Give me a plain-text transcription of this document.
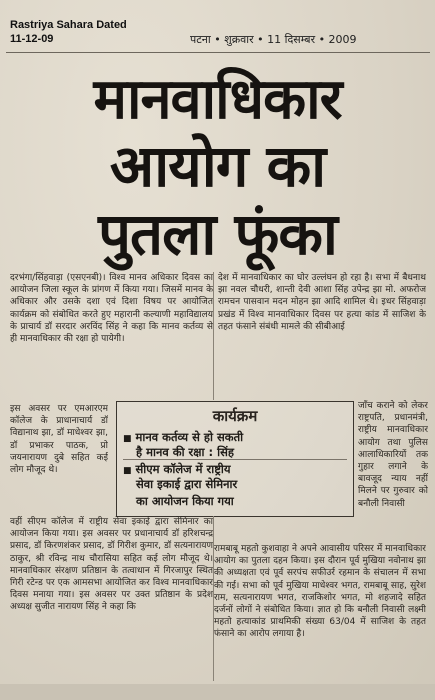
Rastriya Sahara Dated
11-12-09	पटना • शुक्रवार • 11 दिसम्बर • 2009
मानवाधिकार
आयोग का
पुतला फूंका
दरभंगा/सिंहवाड़ा (एसएनबी)। विश्व मानव अधिकार दिवस का आयोजन जिला स्कूल के प्रांगण में किया गया। जिसमें मानव के अधिकार और उसके दशा एवं दिशा विषय पर आयोजित कार्यक्रम को संबोधित करते हुए महारानी कल्याणी महाविद्यालय के प्राचार्य डॉ सरदार अरविंद सिंह ने कहा कि मानव कर्तव्य से ही मानवाधिकार की रक्षा हो पायेगी।
देश में मानवाधिकार का घोर उल्लंघन हो रहा है। सभा में बैधनाथ झा नवल चौधरी, शान्ती देवी आशा सिंह उपेन्द्र झा मो. अफरोज रामचन पासवान मदन मोहन झा आदि शामिल थे। इधर सिंहवाड़ा प्रखंड में विश्व मानवाधिकार दिवस पर हत्या कांड में साजिश के तहत फंसाने संबंधी मामले की सीबीआई
इस अवसर पर एमआरएम कॉलेज के प्राधानाचार्य डॉ विद्यानाथ झा, डॉ माधेश्वर झा, डॉ प्रभाकर पाठक, प्रो जयनारायण दुबे सहित कई लोग मौजूद थे।
जाँच कराने को लेकर राष्ट्रपति, प्रधानमंत्री, राष्ट्रीय मानवाधिकार आयोग तथा पुलिस आलाधिकारियों तक गुहार लगाने के बावजूद न्याय नहीं मिलने पर गुरुवार को बनौली निवासी
कार्यक्रम
■ मानव कर्तव्य से हो सकती
है मानव की रक्षा : सिंह
■ सीएम कॉलेज में राष्ट्रीय
सेवा इकाई द्वारा सेमिनार
का आयोजन किया गया
वहीं सीएम कॉलेज में राष्ट्रीय सेवा इकाई द्वारा सेमिनार का आयोजन किया गया। इस अवसर पर प्रधानाचार्य डॉ हरिशचन्द्र प्रसाद, डॉ किरणशंकर प्रसाद, डॉ गिरीश कुमार, डॉ सत्यनारायण ठाकुर, श्री रविन्द्र नाथ चौरासिया सहित कई लोग मौजूद थे। मानवाधिकार संरक्षण प्रतिष्ठान के तत्वाधान में गिरजापुर स्थित गिरी रटेन्ड पर एक आमसभा आयोजित कर विश्व मानवाधिकार दिवस मनाया गया। इस अवसर पर उक्त प्रतिष्ठान के प्रदेश अध्यक्ष सुजीत नारायण सिंह ने कहा कि
रामबाबू महतो कुशवाहा ने अपने आवासीय परिसर में मानवाधिकार आयोग का पुतला दहन किया। इस दौरान पूर्व मुखिया नवोनाथ झा की अध्यक्षता एवं पूर्व सरपंच सफीउर्र रहमान के संचालन में सभा की गई। सभा को पूर्व मुखिया माधेश्वर भगत, रामबाबू साह, सुरेश राम, सत्यनारायण भगत, राजकिशोर भगत, मो शहजादे सहित दर्जनों लोगों ने संबोधित किया। ज्ञात हो कि बनौली निवासी लक्ष्मी महतो हत्याकांड प्राथमिकी संख्या 63/04 में साजिश के तहत फंसाने का आरोप लगाया है।
